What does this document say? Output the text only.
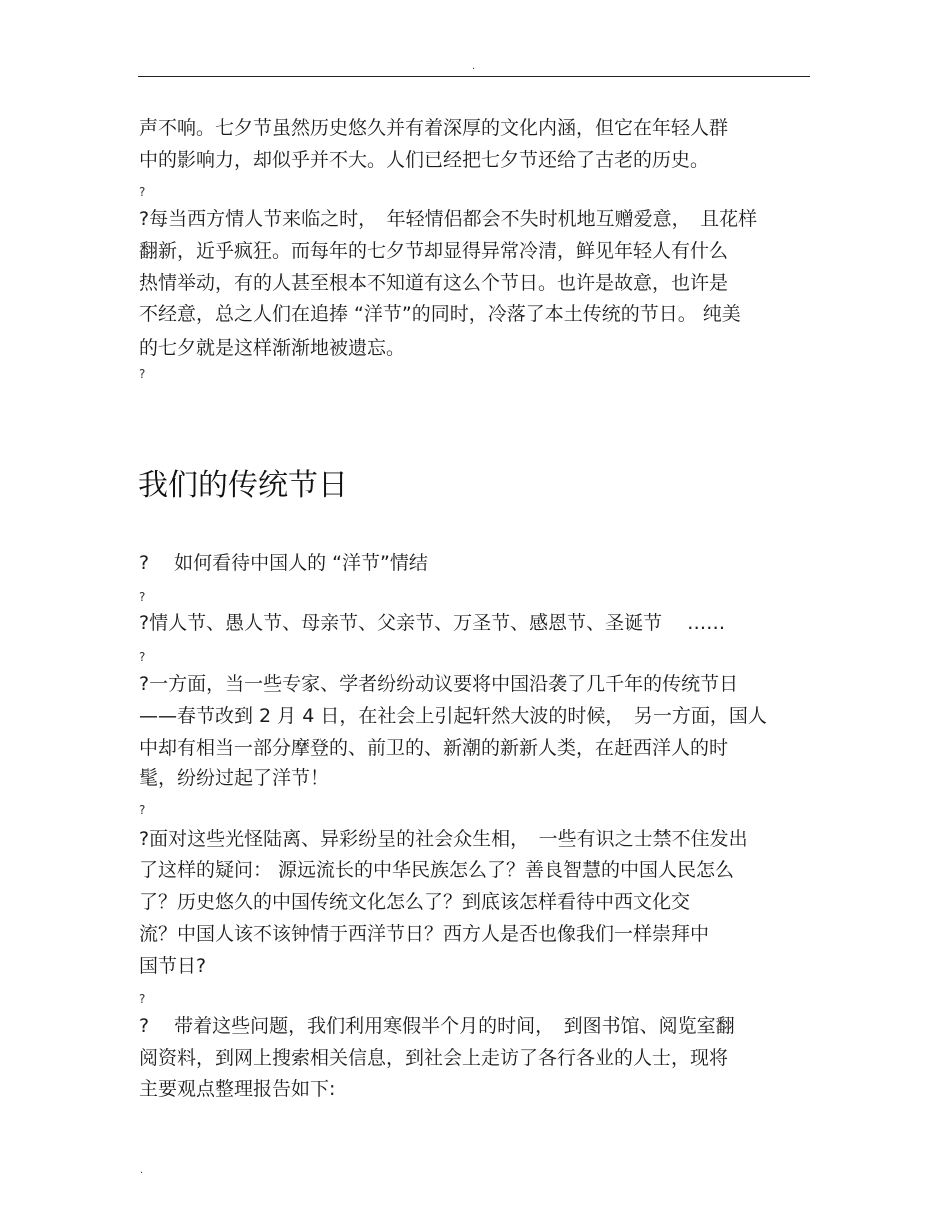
.
声不响。七夕节虽然历史悠久并有着深厚的文化内涵，但它在年轻人群
中的影响力，却似乎并不大。人们已经把七夕节还给了古老的历史。
?
?每当西方情人节来临之时，　年轻情侣都会不失时机地互赠爱意，　且花样
翻新，近乎疯狂。而每年的七夕节却显得异常冷清，鲜见年轻人有什么
热情举动，有的人甚至根本不知道有这么个节日。也许是故意，也许是
不经意，总之人们在追捧 “洋节”的同时，冷落了本土传统的节日。 纯美
的七夕就是这样渐渐地被遗忘。
?
?　 如何看待中国人的 “洋节”情结
?
?情人节、愚人节、母亲节、父亲节、万圣节、感恩节、圣诞节　 ……
?
?一方面，当一些专家、学者纷纷动议要将中国沿袭了几千年的传统节日
——春节改到 2 月 4 日，在社会上引起轩然大波的时候，　另一方面，国人
中却有相当一部分摩登的、前卫的、新潮的新新人类，在赶西洋人的时
髦，纷纷过起了洋节！
?
?面对这些光怪陆离、异彩纷呈的社会众生相，　一些有识之士禁不住发出
了这样的疑问： 源远流长的中华民族怎么了？善良智慧的中国人民怎么
了？历史悠久的中国传统文化怎么了？到底该怎样看待中西文化交
流？中国人该不该钟情于西洋节日？西方人是否也像我们一样崇拜中
国节日?
?
?　 带着这些问题，我们利用寒假半个月的时间，　到图书馆、阅览室翻
阅资料，到网上搜索相关信息，到社会上走访了各行各业的人士，现将
主要观点整理报告如下:
我们的传统节日
.
